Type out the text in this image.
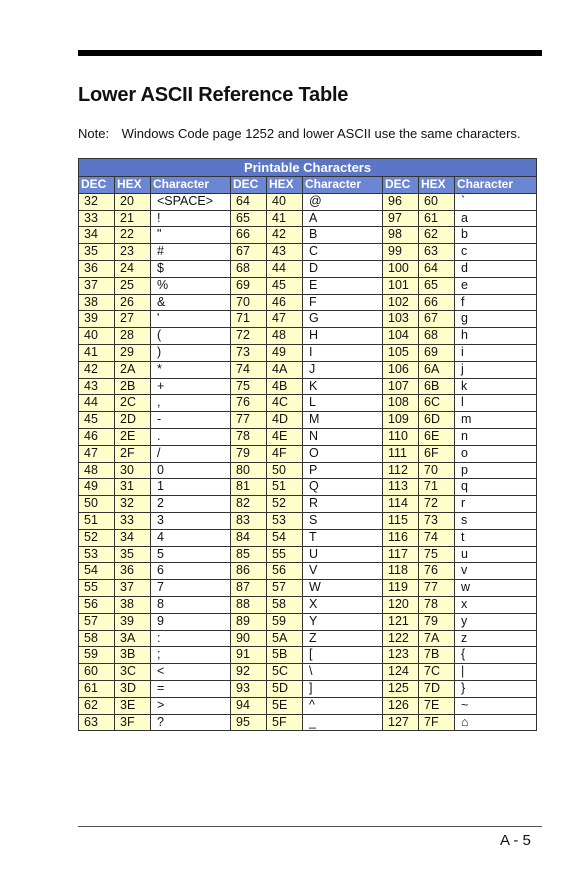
Lower ASCII Reference Table
Note: Windows Code page 1252 and lower ASCII use the same characters.
Printable Characters								
DEC	HEX	Character	DEC	HEX	Character	DEC	HEX	Character
32	20	<SPACE>	64	40	@	96	60	`
33	21	!	65	41	A	97	61	a
34	22	"	66	42	B	98	62	b
35	23	#	67	43	C	99	63	c
36	24	$	68	44	D	100	64	d
37	25	%	69	45	E	101	65	e
38	26	&	70	46	F	102	66	f
39	27	'	71	47	G	103	67	g
40	28	(	72	48	H	104	68	h
41	29	)	73	49	I	105	69	i
42	2A	*	74	4A	J	106	6A	j
43	2B	+	75	4B	K	107	6B	k
44	2C	,	76	4C	L	108	6C	l
45	2D	-	77	4D	M	109	6D	m
46	2E	.	78	4E	N	110	6E	n
47	2F	/	79	4F	O	111	6F	o
48	30	0	80	50	P	112	70	p
49	31	1	81	51	Q	113	71	q
50	32	2	82	52	R	114	72	r
51	33	3	83	53	S	115	73	s
52	34	4	84	54	T	116	74	t
53	35	5	85	55	U	117	75	u
54	36	6	86	56	V	118	76	v
55	37	7	87	57	W	119	77	w
56	38	8	88	58	X	120	78	x
57	39	9	89	59	Y	121	79	y
58	3A	:	90	5A	Z	122	7A	z
59	3B	;	91	5B	[	123	7B	{
60	3C	<	92	5C	\	124	7C	|
61	3D	=	93	5D	]	125	7D	}
62	3E	>	94	5E	^	126	7E	~
63	3F	?	95	5F	_	127	7F	⌂
A - 5
